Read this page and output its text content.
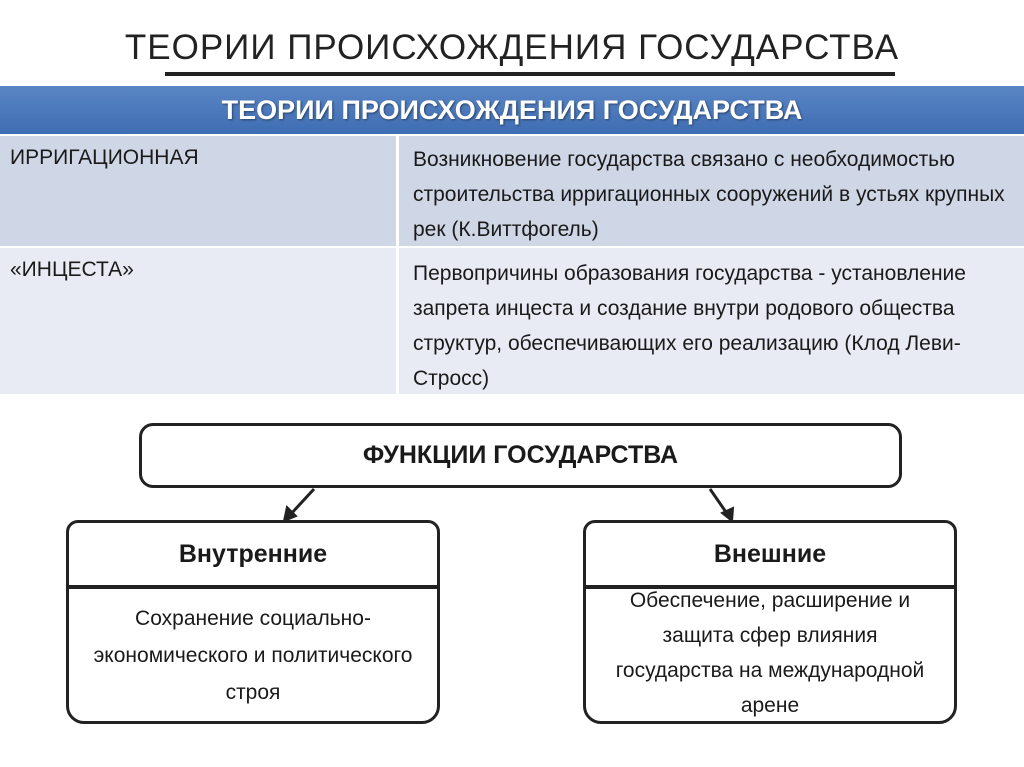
ТЕОРИИ ПРОИСХОЖДЕНИЯ ГОСУДАРСТВА
ТЕОРИИ ПРОИСХОЖДЕНИЯ ГОСУДАРСТВА
ИРРИГАЦИОННАЯ	Возникновение государства связано с необходимостью строительства ирригационных сооружений в устьях крупных рек (К.Виттфогель)
«ИНЦЕСТА»	Первопричины образования государства - установление запрета инцеста и создание внутри родового общества структур, обеспечивающих его реализацию (Клод Леви-Стросс)
ФУНКЦИИ ГОСУДАРСТВА
Внутренние
Сохранение социально-экономического и политического строя
Внешние
Обеспечение, расширение и защита сфер влияния государства на международной арене
